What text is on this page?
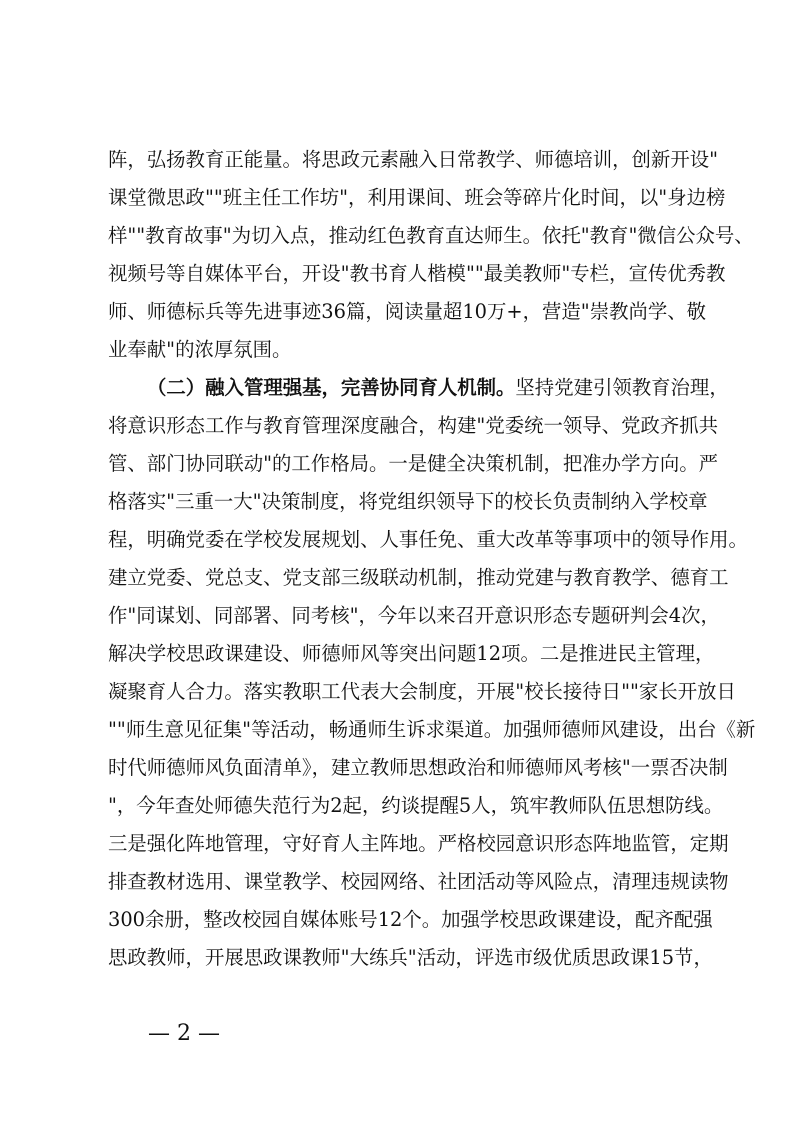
阵，弘扬教育正能量。将思政元素融入日常教学、师德培训，创新开设"
课堂微思政""班主任工作坊"，利用课间、班会等碎片化时间，以"身边榜
样""教育故事"为切入点，推动红色教育直达师生。依托"教育"微信公众号、
视频号等自媒体平台，开设"教书育人楷模""最美教师"专栏，宣传优秀教
师、师德标兵等先进事迹36篇，阅读量超10万+，营造"崇教尚学、敬
业奉献"的浓厚氛围。
（二）融入管理强基，完善协同育人机制。坚持党建引领教育治理，
将意识形态工作与教育管理深度融合，构建"党委统一领导、党政齐抓共
管、部门协同联动"的工作格局。一是健全决策机制，把准办学方向。严
格落实"三重一大"决策制度，将党组织领导下的校长负责制纳入学校章
程，明确党委在学校发展规划、人事任免、重大改革等事项中的领导作用。
建立党委、党总支、党支部三级联动机制，推动党建与教育教学、德育工
作"同谋划、同部署、同考核"，今年以来召开意识形态专题研判会4次，
解决学校思政课建设、师德师风等突出问题12项。二是推进民主管理，
凝聚育人合力。落实教职工代表大会制度，开展"校长接待日""家长开放日
""师生意见征集"等活动，畅通师生诉求渠道。加强师德师风建设，出台《新
时代师德师风负面清单》，建立教师思想政治和师德师风考核"一票否决制
"，今年查处师德失范行为2起，约谈提醒5人，筑牢教师队伍思想防线。
三是强化阵地管理，守好育人主阵地。严格校园意识形态阵地监管，定期
排查教材选用、课堂教学、校园网络、社团活动等风险点，清理违规读物
300余册，整改校园自媒体账号12个。加强学校思政课建设，配齐配强
思政教师，开展思政课教师"大练兵"活动，评选市级优质思政课15节，
— 2 —
